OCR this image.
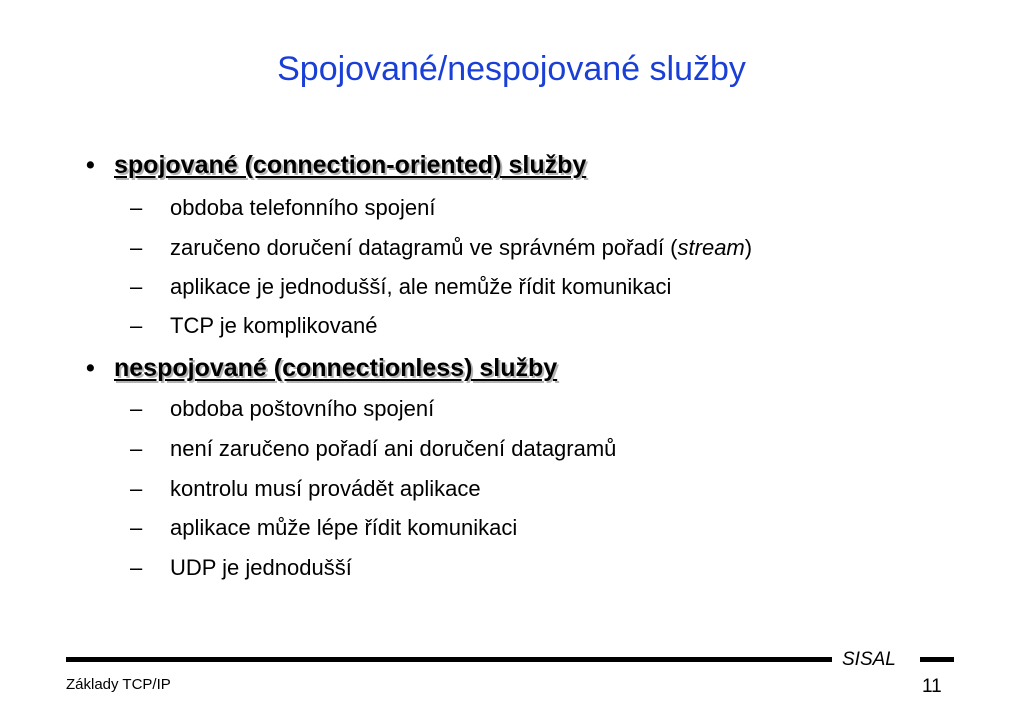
Spojované/nespojované služby
• spojované (connection-oriented) služby
– obdoba telefonního spojení
– zaručeno doručení datagramů ve správném pořadí (stream)
– aplikace je jednodušší, ale nemůže řídit komunikaci
– TCP je komplikované
• nespojované (connectionless) služby
– obdoba poštovního spojení
– není zaručeno pořadí ani doručení datagramů
– kontrolu musí provádět aplikace
– aplikace může lépe řídit komunikaci
– UDP je jednodušší
SISAL
Základy TCP/IP	11
